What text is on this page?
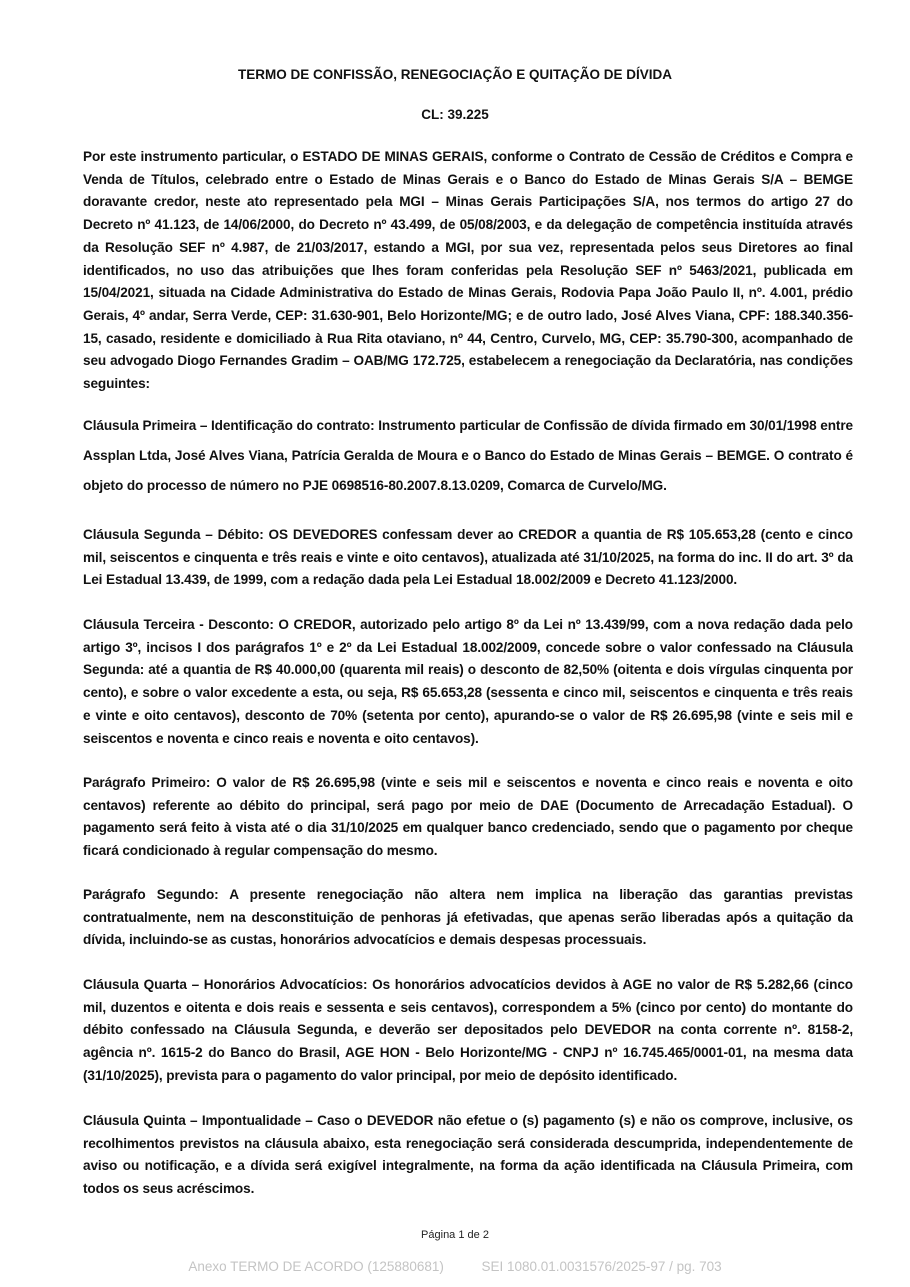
TERMO DE CONFISSÃO, RENEGOCIAÇÃO E QUITAÇÃO DE DÍVIDA
CL: 39.225

Por este instrumento particular, o ESTADO DE MINAS GERAIS, conforme o Contrato de Cessão de Créditos e Compra e Venda de Títulos, celebrado entre o Estado de Minas Gerais e o Banco do Estado de Minas Gerais S/A – BEMGE doravante credor, neste ato representado pela MGI – Minas Gerais Participações S/A, nos termos do artigo 27 do Decreto nº 41.123, de 14/06/2000, do Decreto nº 43.499, de 05/08/2003, e da delegação de competência instituída através da Resolução SEF nº 4.987, de 21/03/2017, estando a MGI, por sua vez, representada pelos seus Diretores ao final identificados, no uso das atribuições que lhes foram conferidas pela Resolução SEF nº 5463/2021, publicada em 15/04/2021, situada na Cidade Administrativa do Estado de Minas Gerais, Rodovia Papa João Paulo II, nº. 4.001, prédio Gerais, 4º andar, Serra Verde, CEP: 31.630-901, Belo Horizonte/MG; e de outro lado, José Alves Viana, CPF: 188.340.356-15, casado, residente e domiciliado à Rua Rita otaviano, nº 44, Centro, Curvelo, MG, CEP: 35.790-300, acompanhado de seu advogado Diogo Fernandes Gradim – OAB/MG 172.725, estabelecem a renegociação da Declaratória, nas condições seguintes:

Cláusula Primeira – Identificação do contrato: Instrumento particular de Confissão de dívida firmado em 30/01/1998 entre Assplan Ltda, José Alves Viana, Patrícia Geralda de Moura e o Banco do Estado de Minas Gerais – BEMGE. O contrato é objeto do processo de número no PJE 0698516-80.2007.8.13.0209, Comarca de Curvelo/MG.

Cláusula Segunda – Débito: OS DEVEDORES confessam dever ao CREDOR a quantia de R$ 105.653,28 (cento e cinco mil, seiscentos e cinquenta e três reais e vinte e oito centavos), atualizada até 31/10/2025, na forma do inc. II do art. 3º da Lei Estadual 13.439, de 1999, com a redação dada pela Lei Estadual 18.002/2009 e Decreto 41.123/2000.

Cláusula Terceira - Desconto: O CREDOR, autorizado pelo artigo 8º da Lei nº 13.439/99, com a nova redação dada pelo artigo 3º, incisos I dos parágrafos 1º e 2º da Lei Estadual 18.002/2009, concede sobre o valor confessado na Cláusula Segunda: até a quantia de R$ 40.000,00 (quarenta mil reais) o desconto de 82,50% (oitenta e dois vírgulas cinquenta por cento), e sobre o valor excedente a esta, ou seja, R$ 65.653,28 (sessenta e cinco mil, seiscentos e cinquenta e três reais e vinte e oito centavos), desconto de 70% (setenta por cento), apurando-se o valor de R$ 26.695,98 (vinte e seis mil e seiscentos e noventa e cinco reais e noventa e oito centavos).

Parágrafo Primeiro: O valor de R$ 26.695,98 (vinte e seis mil e seiscentos e noventa e cinco reais e noventa e oito centavos) referente ao débito do principal, será pago por meio de DAE (Documento de Arrecadação Estadual). O pagamento será feito à vista até o dia 31/10/2025 em qualquer banco credenciado, sendo que o pagamento por cheque ficará condicionado à regular compensação do mesmo.

Parágrafo Segundo: A presente renegociação não altera nem implica na liberação das garantias previstas contratualmente, nem na desconstituição de penhoras já efetivadas, que apenas serão liberadas após a quitação da dívida, incluindo-se as custas, honorários advocatícios e demais despesas processuais.

Cláusula Quarta – Honorários Advocatícios: Os honorários advocatícios devidos à AGE no valor de R$ 5.282,66 (cinco mil, duzentos e oitenta e dois reais e sessenta e seis centavos), correspondem a 5% (cinco por cento) do montante do débito confessado na Cláusula Segunda, e deverão ser depositados pelo DEVEDOR na conta corrente nº. 8158-2, agência nº. 1615-2 do Banco do Brasil, AGE HON - Belo Horizonte/MG - CNPJ nº 16.745.465/0001-01, na mesma data (31/10/2025), prevista para o pagamento do valor principal, por meio de depósito identificado.

Cláusula Quinta – Impontualidade – Caso o DEVEDOR não efetue o (s) pagamento (s) e não os comprove, inclusive, os recolhimentos previstos na cláusula abaixo, esta renegociação será considerada descumprida, independentemente de aviso ou notificação, e a dívida será exigível integralmente, na forma da ação identificada na Cláusula Primeira, com todos os seus acréscimos.

Página 1 de 2
Anexo TERMO DE ACORDO (125880681)	SEI 1080.01.0031576/2025-97 / pg. 703
